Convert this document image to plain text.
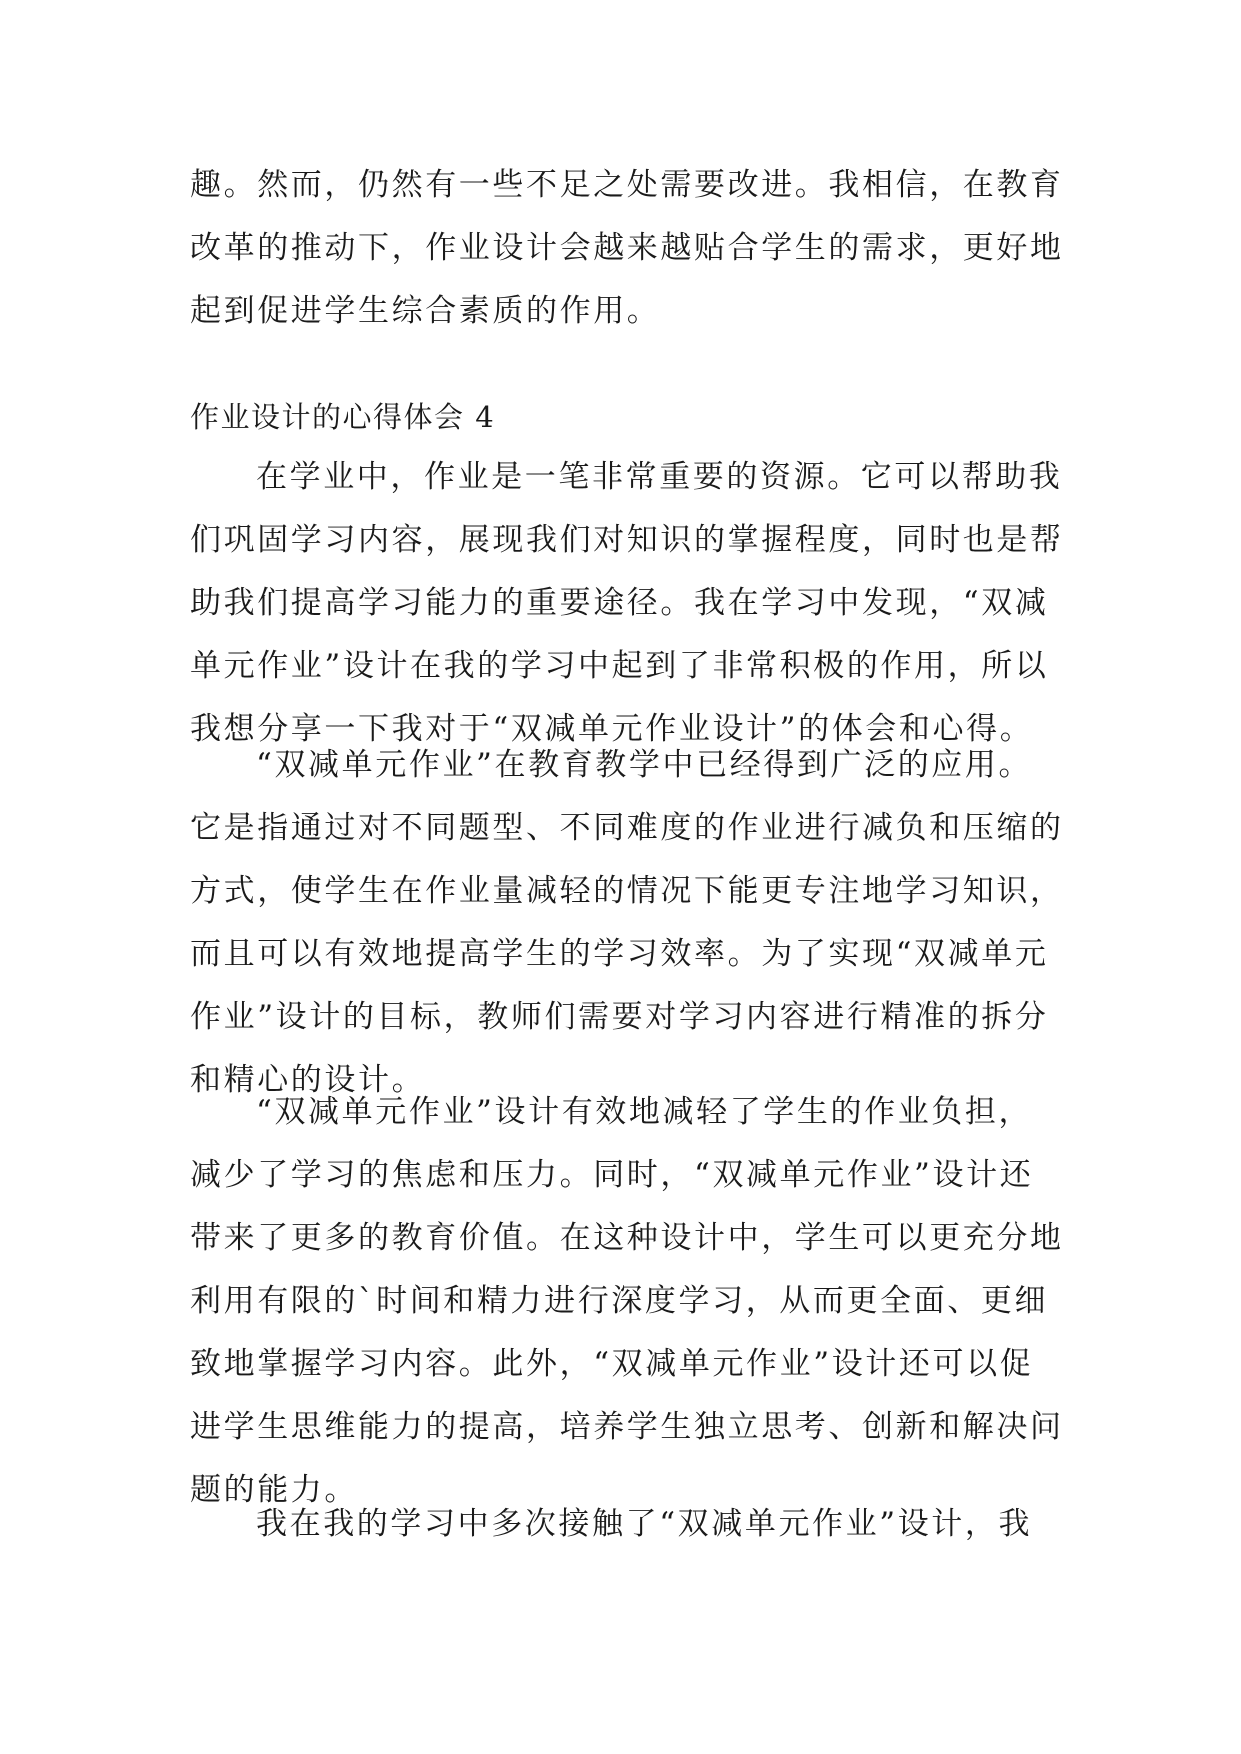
趣。然而，仍然有一些不足之处需要改进。我相信，在教育
改革的推动下，作业设计会越来越贴合学生的需求，更好地
起到促进学生综合素质的作用。
作业设计的心得体会 4
在学业中，作业是一笔非常重要的资源。它可以帮助我
们巩固学习内容，展现我们对知识的掌握程度，同时也是帮
助我们提高学习能力的重要途径。我在学习中发现，“双减
单元作业”设计在我的学习中起到了非常积极的作用，所以
我想分享一下我对于“双减单元作业设计”的体会和心得。
“双减单元作业”在教育教学中已经得到广泛的应用。
它是指通过对不同题型、不同难度的作业进行减负和压缩的
方式，使学生在作业量减轻的情况下能更专注地学习知识，
而且可以有效地提高学生的学习效率。为了实现“双减单元
作业”设计的目标，教师们需要对学习内容进行精准的拆分
和精心的设计。
“双减单元作业”设计有效地减轻了学生的作业负担，
减少了学习的焦虑和压力。同时，“双减单元作业”设计还
带来了更多的教育价值。在这种设计中，学生可以更充分地
利用有限的`时间和精力进行深度学习，从而更全面、更细
致地掌握学习内容。此外，“双减单元作业”设计还可以促
进学生思维能力的提高，培养学生独立思考、创新和解决问
题的能力。
我在我的学习中多次接触了“双减单元作业”设计，我
